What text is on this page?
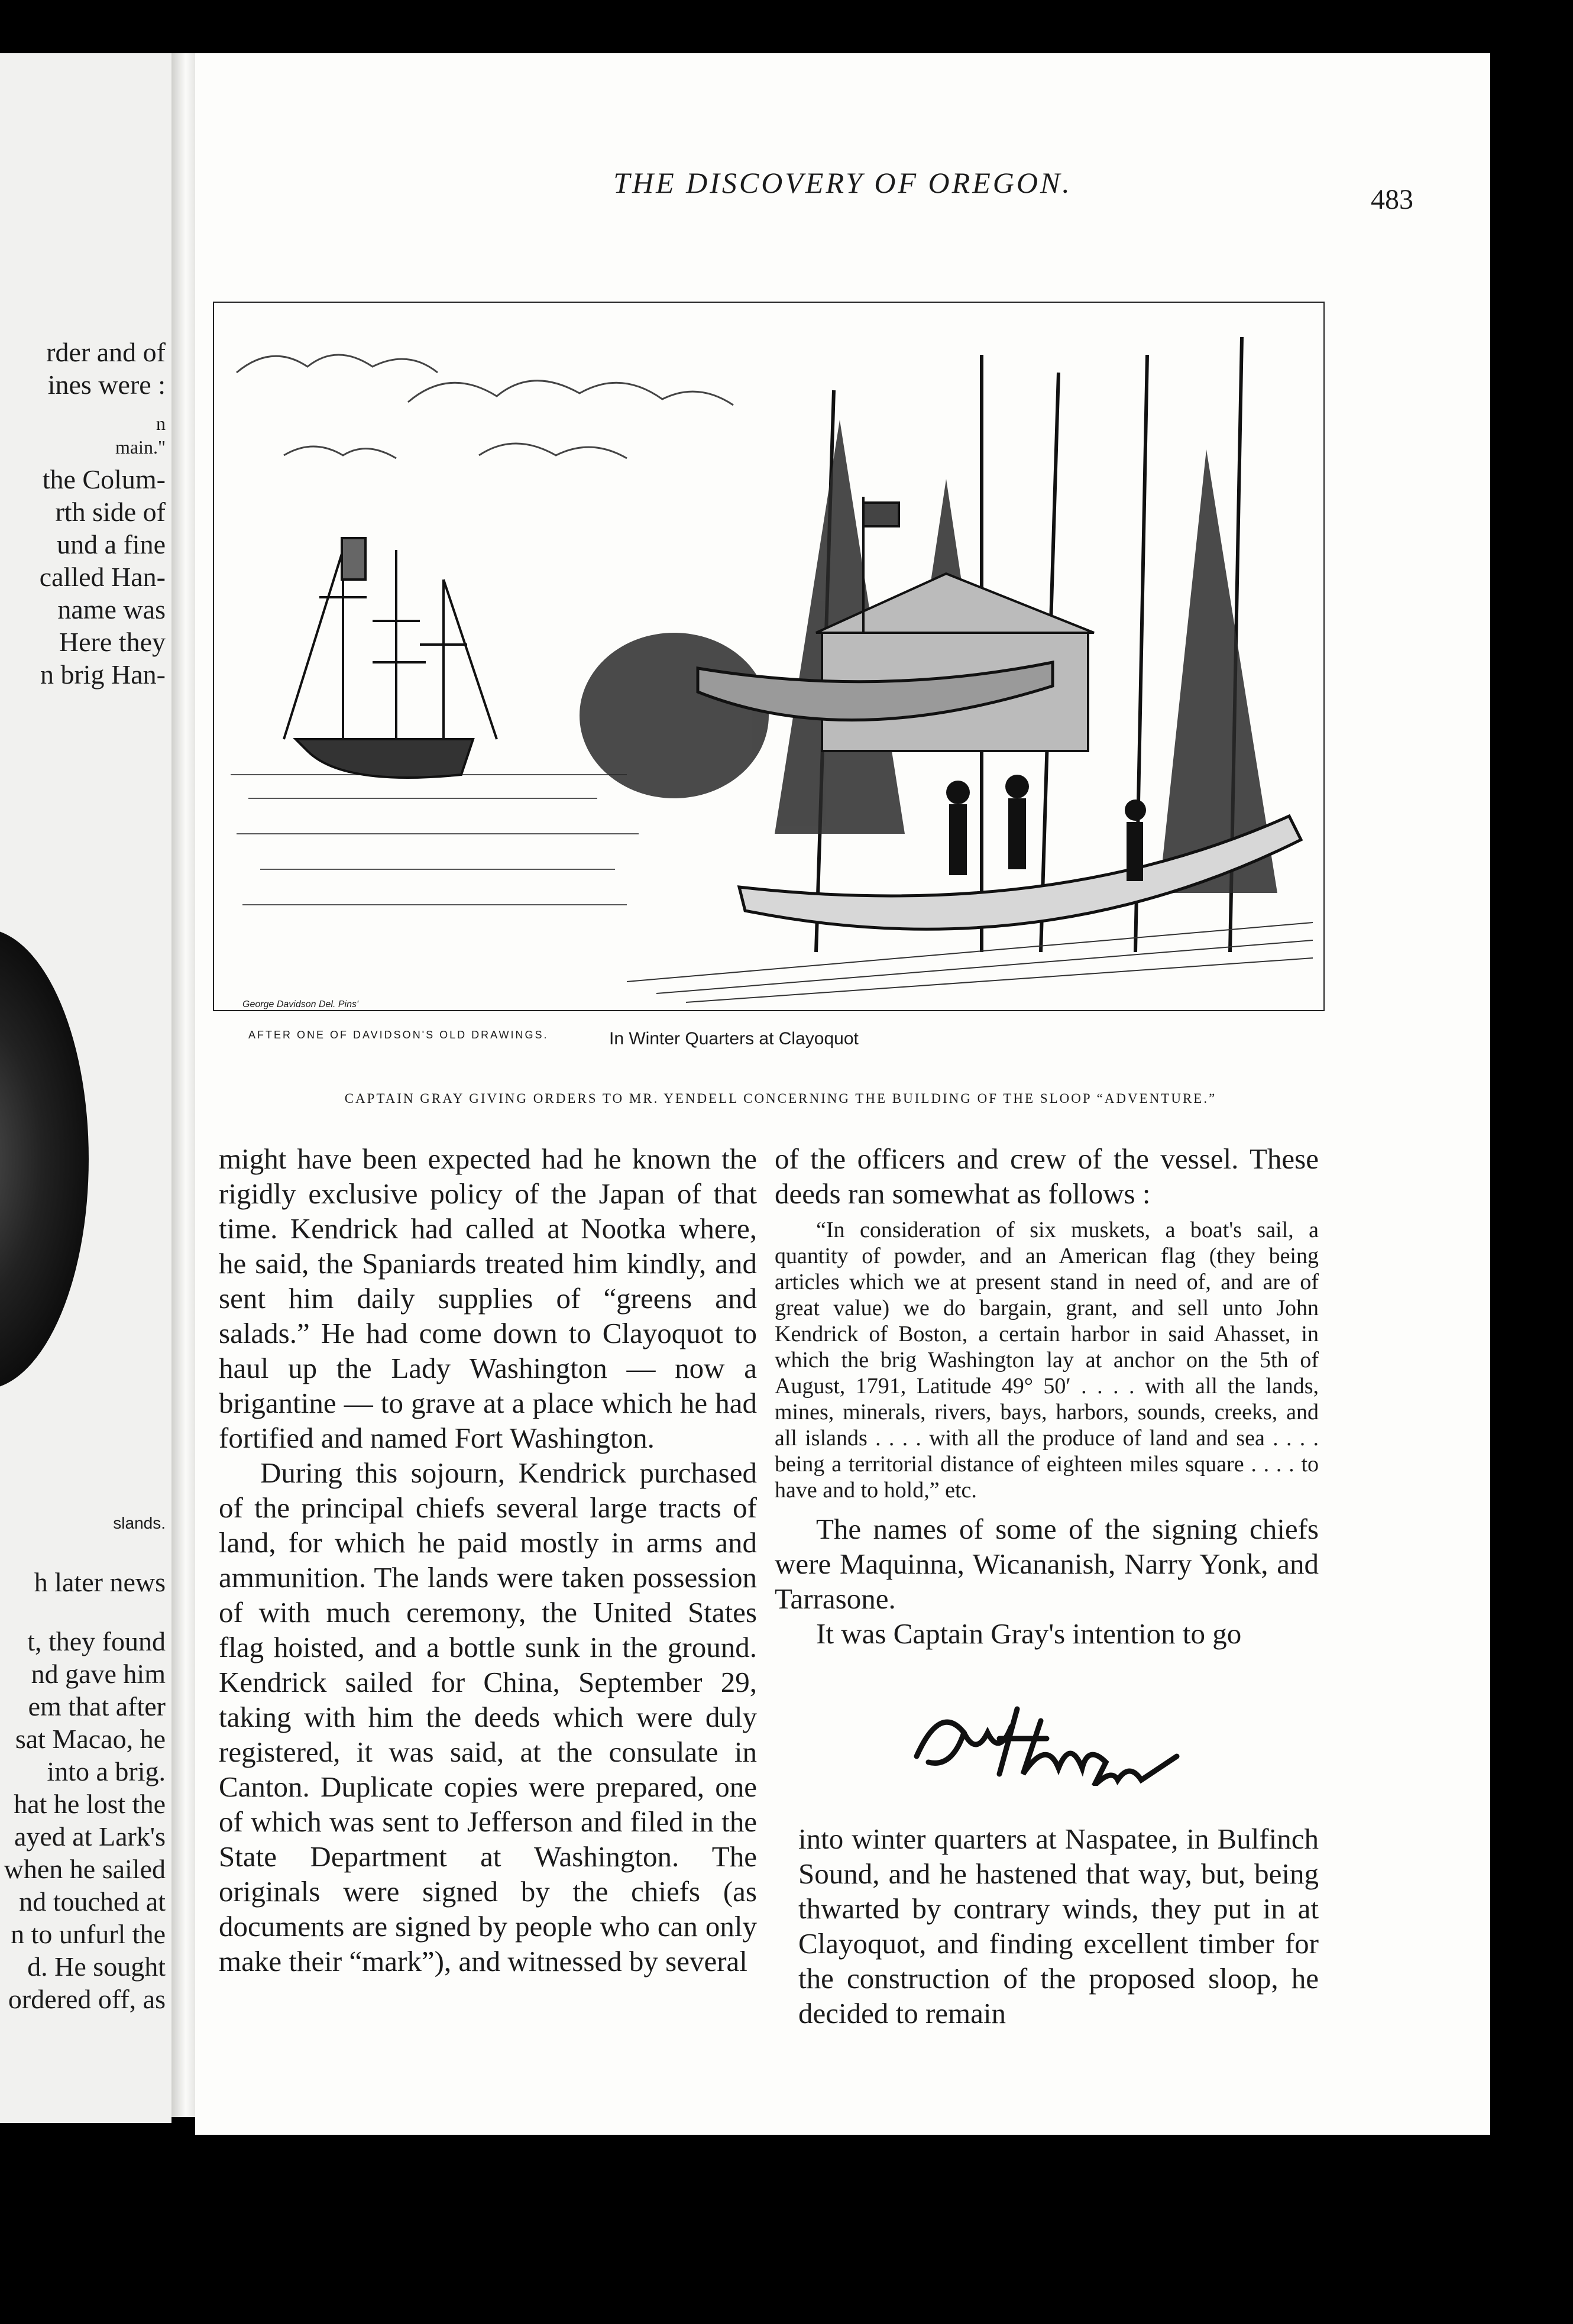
rder and of
ines were :
n
main."
the Colum-
rth side of
und a fine
called Han-
name was
Here they
n brig Han-
slands.
h later news
t, they found
nd gave him
em that after
sat Macao, he
into a brig.
hat he lost the
ayed at Lark's
when he sailed
nd touched at
n to unfurl the
d. He sought
ordered off, as
THE DISCOVERY OF OREGON.
483
George Davidson Del. Pins'
AFTER ONE OF DAVIDSON'S OLD DRAWINGS.	In Winter Quarters at Clayoquot
CAPTAIN GRAY GIVING ORDERS TO MR. YENDELL CONCERNING THE BUILDING OF THE SLOOP “ADVENTURE.”

might have been expected had he known the rigidly exclusive policy of the Japan of that time. Kendrick had called at Nootka where, he said, the Spaniards treated him kindly, and sent him daily supplies of “greens and salads.” He had come down to Clayoquot to haul up the Lady Washington — now a brigantine — to grave at a place which he had fortified and named Fort Washington.

During this sojourn, Kendrick purchased of the principal chiefs several large tracts of land, for which he paid mostly in arms and ammunition. The lands were taken possession of with much ceremony, the United States flag hoisted, and a bottle sunk in the ground. Kendrick sailed for China, September 29, taking with him the deeds which were duly registered, it was said, at the consulate in Canton. Duplicate copies were prepared, one of which was sent to Jefferson and filed in the State Department at Washington. The originals were signed by the chiefs (as documents are signed by people who can only make their “mark”), and witnessed by several

of the officers and crew of the vessel. These deeds ran somewhat as follows :

“In consideration of six muskets, a boat's sail, a quantity of powder, and an American flag (they being articles which we at present stand in need of, and are of great value) we do bargain, grant, and sell unto John Kendrick of Boston, a certain harbor in said Ahasset, in which the brig Washington lay at anchor on the 5th of August, 1791, Latitude 49° 50′ . . . . with all the lands, mines, minerals, rivers, bays, harbors, sounds, creeks, and all islands . . . . with all the produce of land and sea . . . . being a territorial distance of eighteen miles square . . . . to have and to hold,” etc.

The names of some of the signing chiefs were Maquinna, Wicananish, Narry Yonk, and Tarrasone.

It was Captain Gray's intention to go

into winter quarters at Naspatee, in Bulfinch Sound, and he hastened that way, but, being thwarted by contrary winds, they put in at Clayoquot, and finding excellent timber for the construction of the proposed sloop, he decided to remain
